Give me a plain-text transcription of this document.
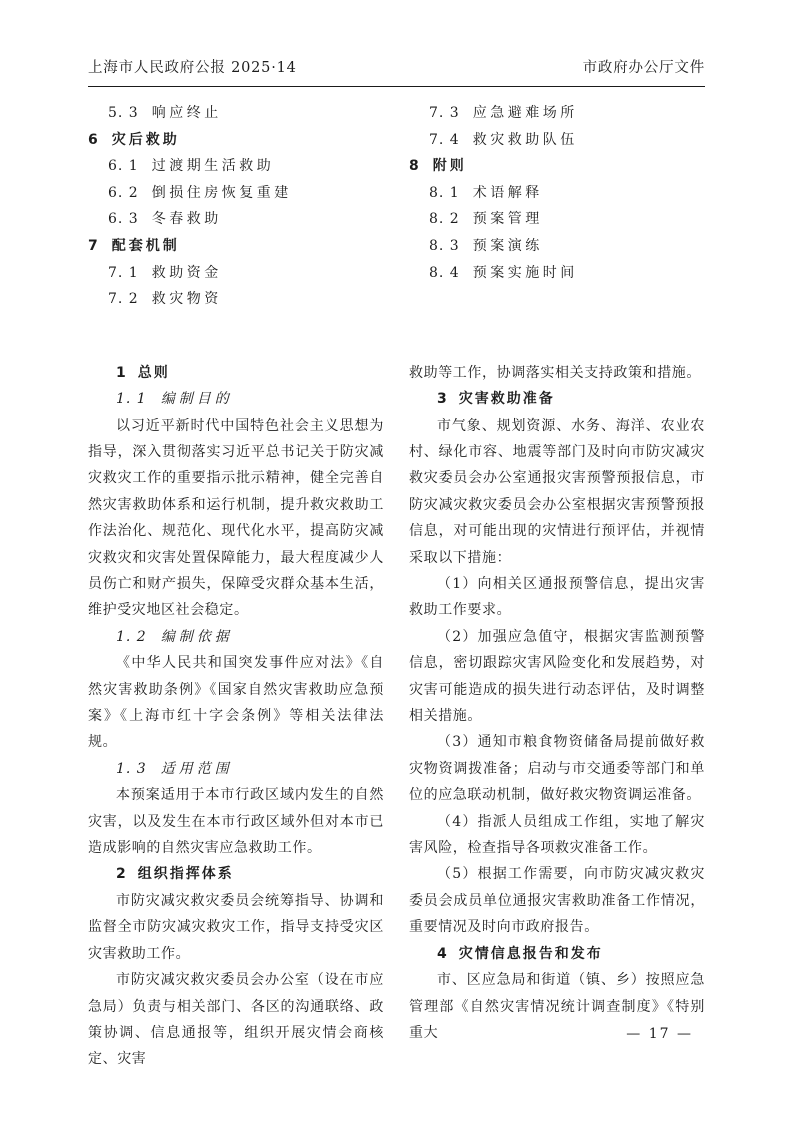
上海市人民政府公报 2025·14	市政府办公厅文件
5. 3 响应终止
6 灾后救助
6. 1 过渡期生活救助
6. 2 倒损住房恢复重建
6. 3 冬春救助
7 配套机制
7. 1 救助资金
7. 2 救灾物资
7. 3 应急避难场所
7. 4 救灾救助队伍
8 附则
8. 1 术语解释
8. 2 预案管理
8. 3 预案演练
8. 4 预案实施时间
1 总则
1. 1 编制目的
以习近平新时代中国特色社会主义思想为指导，深入贯彻落实习近平总书记关于防灾减灾救灾工作的重要指示批示精神，健全完善自然灾害救助体系和运行机制，提升救灾救助工作法治化、规范化、现代化水平，提高防灾减灾救灾和灾害处置保障能力，最大程度减少人员伤亡和财产损失，保障受灾群众基本生活，维护受灾地区社会稳定。
1. 2 编制依据
《中华人民共和国突发事件应对法》《自然灾害救助条例》《国家自然灾害救助应急预案》《上海市红十字会条例》等相关法律法规。
1. 3 适用范围
本预案适用于本市行政区域内发生的自然灾害，以及发生在本市行政区域外但对本市已造成影响的自然灾害应急救助工作。
2 组织指挥体系
市防灾减灾救灾委员会统筹指导、协调和监督全市防灾减灾救灾工作，指导支持受灾区灾害救助工作。
市防灾减灾救灾委员会办公室（设在市应急局）负责与相关部门、各区的沟通联络、政策协调、信息通报等，组织开展灾情会商核定、灾害
救助等工作，协调落实相关支持政策和措施。
3 灾害救助准备
市气象、规划资源、水务、海洋、农业农村、绿化市容、地震等部门及时向市防灾减灾救灾委员会办公室通报灾害预警预报信息，市防灾减灾救灾委员会办公室根据灾害预警预报信息，对可能出现的灾情进行预评估，并视情采取以下措施：
（1）向相关区通报预警信息，提出灾害救助工作要求。
（2）加强应急值守，根据灾害监测预警信息，密切跟踪灾害风险变化和发展趋势，对灾害可能造成的损失进行动态评估，及时调整相关措施。
（3）通知市粮食物资储备局提前做好救灾物资调拨准备；启动与市交通委等部门和单位的应急联动机制，做好救灾物资调运准备。
（4）指派人员组成工作组，实地了解灾害风险，检查指导各项救灾准备工作。
（5）根据工作需要，向市防灾减灾救灾委员会成员单位通报灾害救助准备工作情况，重要情况及时向市政府报告。
4 灾情信息报告和发布
市、区应急局和街道（镇、乡）按照应急管理部《自然灾害情况统计调查制度》《特别重大	— 17 —
